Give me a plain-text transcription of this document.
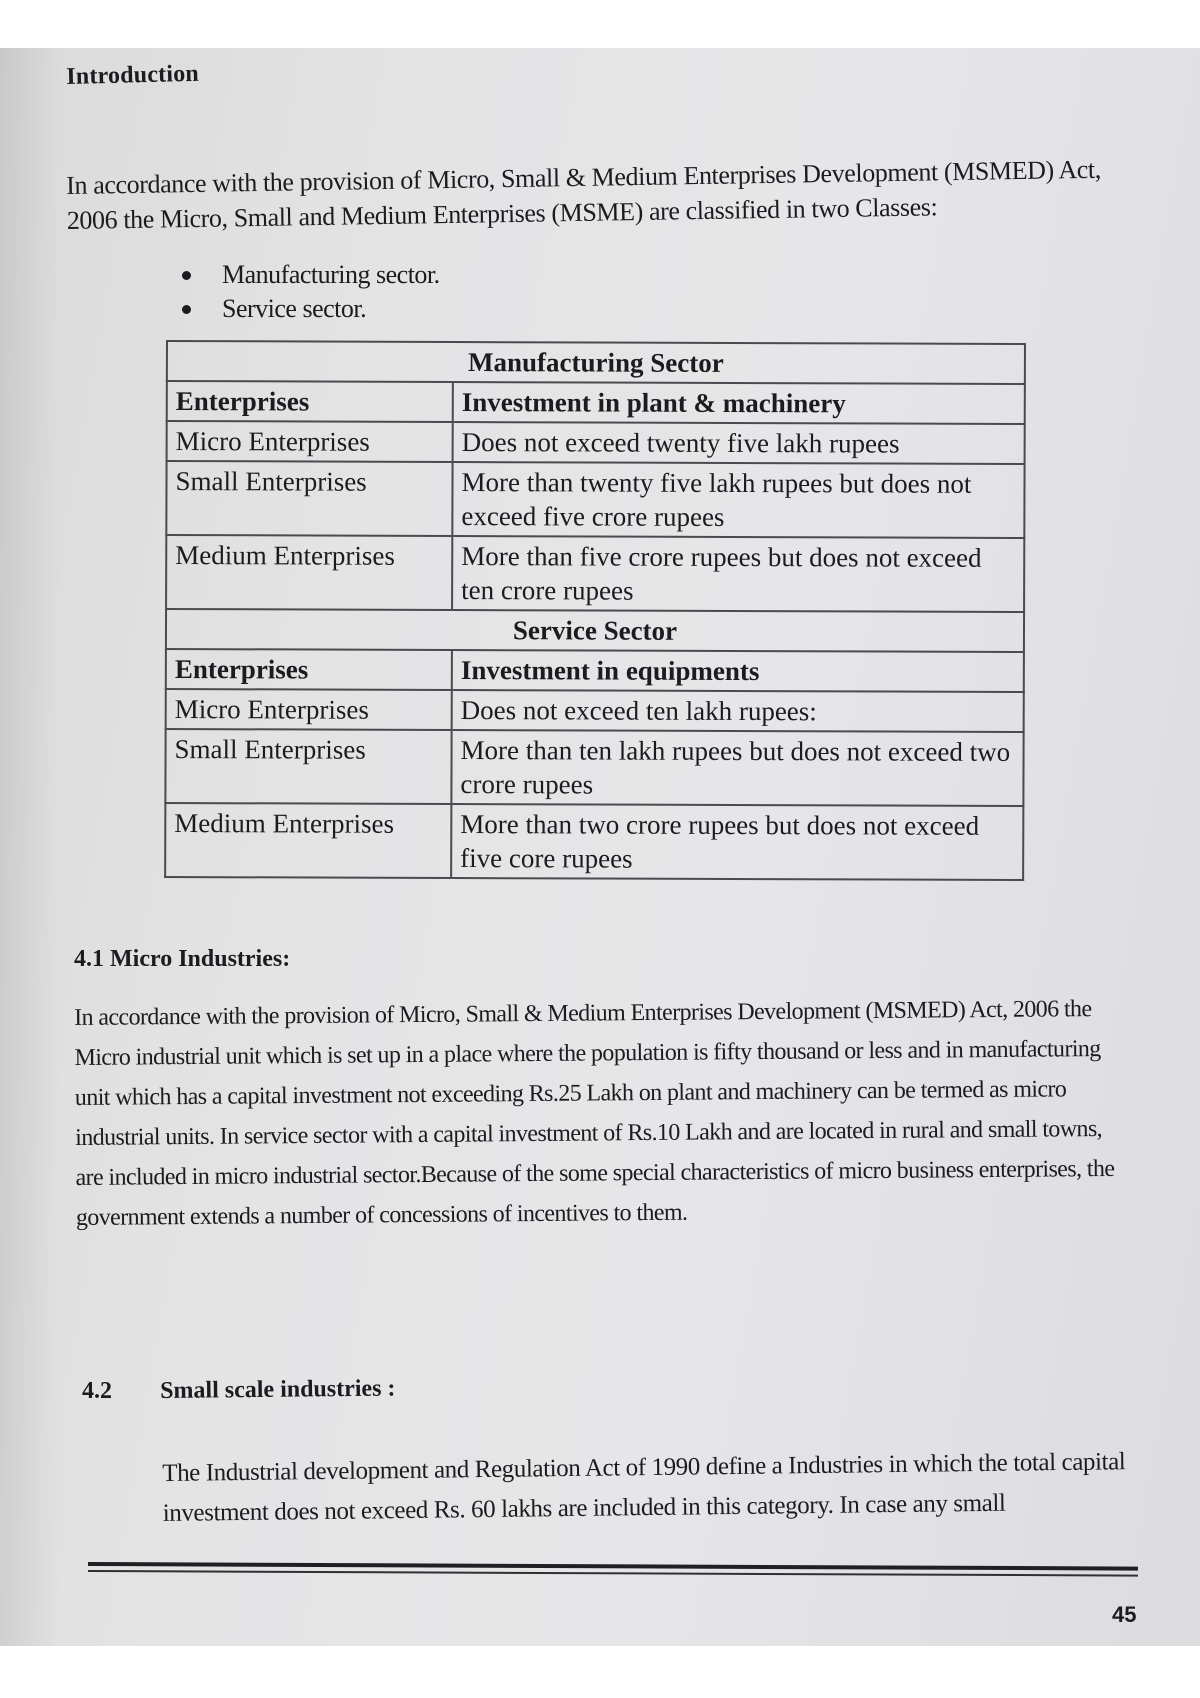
Introduction

In accordance with the provision of Micro, Small & Medium Enterprises Development (MSMED) Act, 2006 the Micro, Small and Medium Enterprises (MSME) are classified in two Classes:

Manufacturing sector.
Service sector.
Manufacturing Sector	
Enterprises	Investment in plant & machinery
Micro Enterprises	Does not exceed twenty five lakh rupees
Small Enterprises	More than twenty five lakh rupees but does not exceed five crore rupees
Medium Enterprises	More than five crore rupees but does not exceed ten crore rupees
Service Sector	
Enterprises	Investment in equipments
Micro Enterprises	Does not exceed ten lakh rupees:
Small Enterprises	More than ten lakh rupees but does not exceed two crore rupees
Medium Enterprises	More than two crore rupees but does not exceed five core rupees
4.1 Micro Industries:

In accordance with the provision of Micro, Small & Medium Enterprises Development (MSMED) Act, 2006 the Micro industrial unit which is set up in a place where the population is fifty thousand or less and in manufacturing unit which has a capital investment not exceeding Rs.25 Lakh on plant and machinery can be termed as micro industrial units. In service sector with a capital investment of Rs.10 Lakh and are located in rural and small towns, are included in micro industrial sector.Because of the some special characteristics of micro business enterprises, the government extends a number of concessions of incentives to them.

4.2 Small scale industries :

The Industrial development and Regulation Act of 1990 define a Industries in which the total capital investment does not exceed Rs. 60 lakhs are included in this category. In case any small

45
